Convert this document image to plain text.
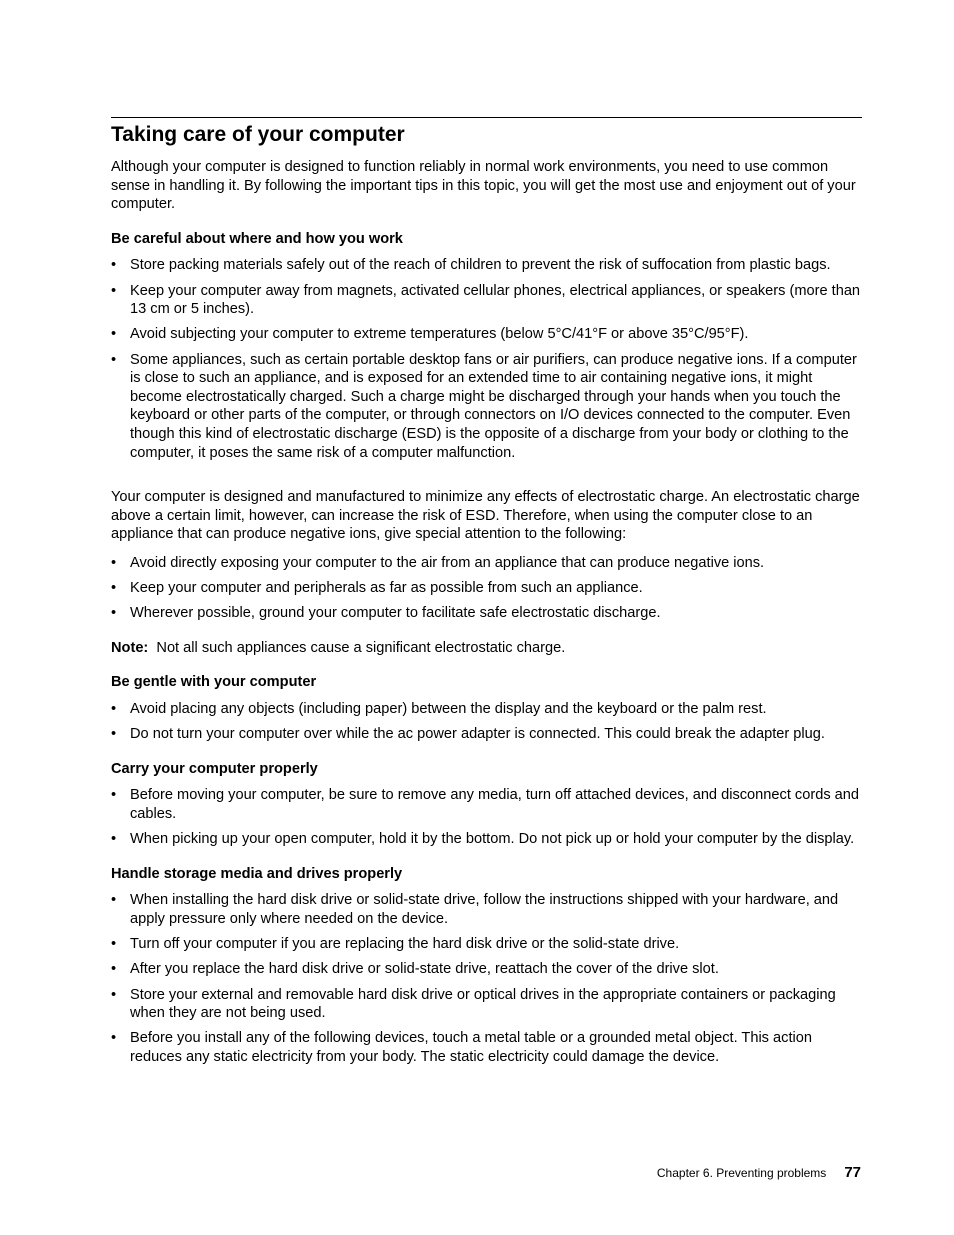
Taking care of your computer

Although your computer is designed to function reliably in normal work environments, you need to use common sense in handling it. By following the important tips in this topic, you will get the most use and enjoyment out of your computer.

Be careful about where and how you work
• Store packing materials safely out of the reach of children to prevent the risk of suffocation from plastic bags.
• Keep your computer away from magnets, activated cellular phones, electrical appliances, or speakers (more than 13 cm or 5 inches).
• Avoid subjecting your computer to extreme temperatures (below 5°C/41°F or above 35°C/95°F).
• Some appliances, such as certain portable desktop fans or air purifiers, can produce negative ions. If a computer is close to such an appliance, and is exposed for an extended time to air containing negative ions, it might become electrostatically charged. Such a charge might be discharged through your hands when you touch the keyboard or other parts of the computer, or through connectors on I/O devices connected to the computer. Even though this kind of electrostatic discharge (ESD) is the opposite of a discharge from your body or clothing to the computer, it poses the same risk of a computer malfunction.

Your computer is designed and manufactured to minimize any effects of electrostatic charge. An electrostatic charge above a certain limit, however, can increase the risk of ESD. Therefore, when using the computer close to an appliance that can produce negative ions, give special attention to the following:

• Avoid directly exposing your computer to the air from an appliance that can produce negative ions.
• Keep your computer and peripherals as far as possible from such an appliance.
• Wherever possible, ground your computer to facilitate safe electrostatic discharge.

Note: Not all such appliances cause a significant electrostatic charge.

Be gentle with your computer
• Avoid placing any objects (including paper) between the display and the keyboard or the palm rest.
• Do not turn your computer over while the ac power adapter is connected. This could break the adapter plug.
Carry your computer properly
• Before moving your computer, be sure to remove any media, turn off attached devices, and disconnect cords and cables.
• When picking up your open computer, hold it by the bottom. Do not pick up or hold your computer by the display.
Handle storage media and drives properly
• When installing the hard disk drive or solid-state drive, follow the instructions shipped with your hardware, and apply pressure only where needed on the device.
• Turn off your computer if you are replacing the hard disk drive or the solid-state drive.
• After you replace the hard disk drive or solid-state drive, reattach the cover of the drive slot.
• Store your external and removable hard disk drive or optical drives in the appropriate containers or packaging when they are not being used.
• Before you install any of the following devices, touch a metal table or a grounded metal object. This action reduces any static electricity from your body. The static electricity could damage the device.
Chapter 6. Preventing problems 77
